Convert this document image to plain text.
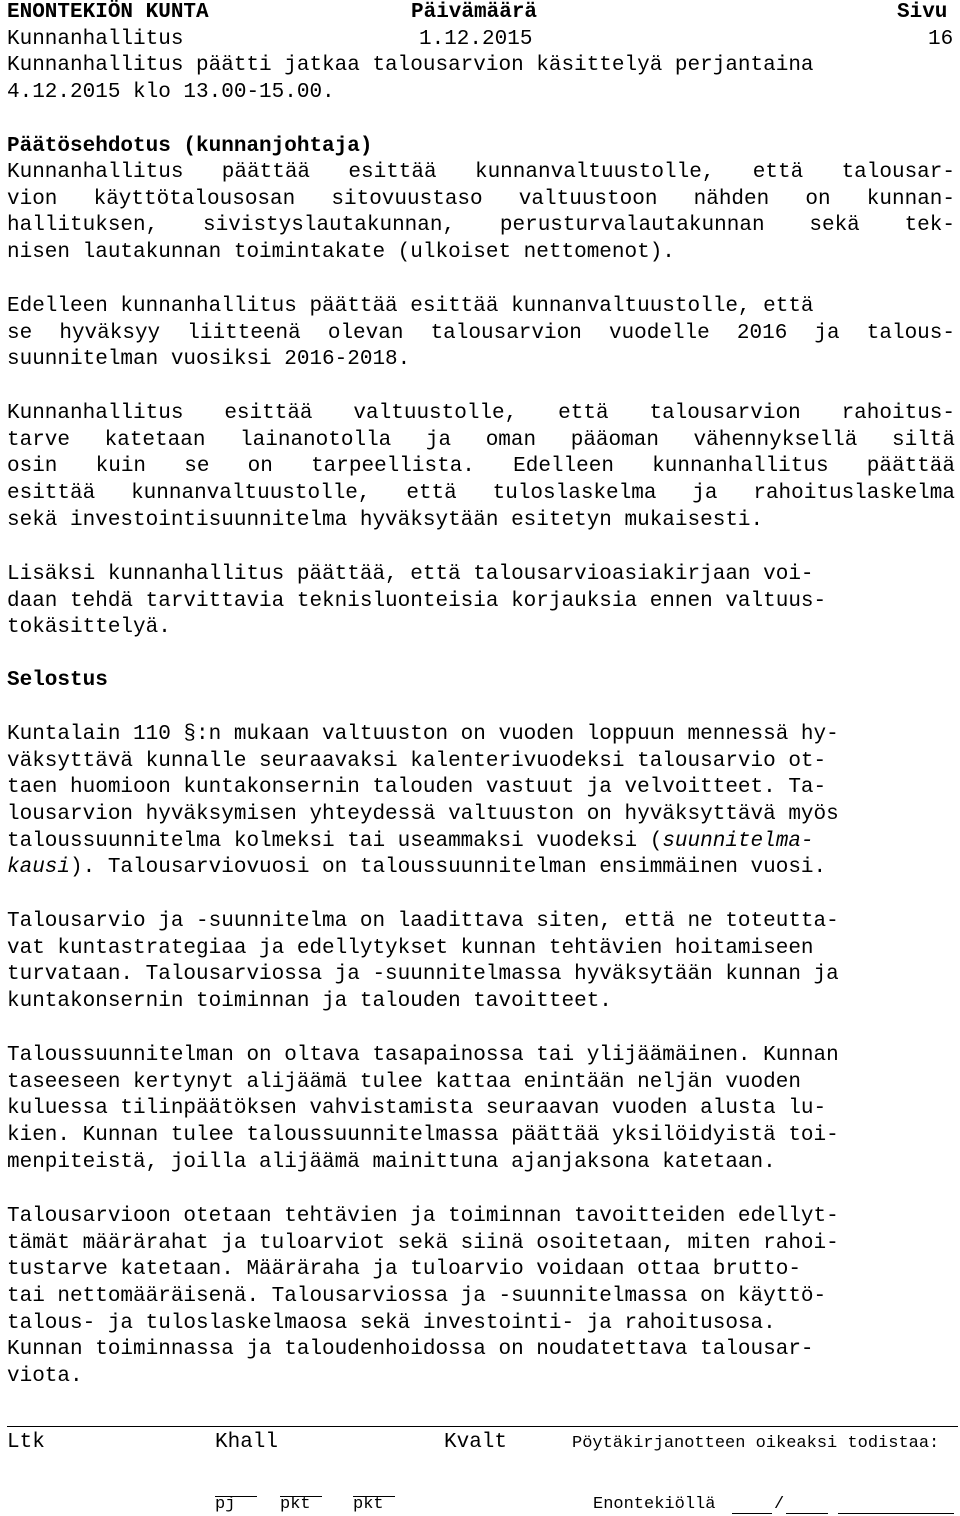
ENONTEKIÖN KUNTA	Päivämäärä	Sivu
Kunnanhallitus	1.12.2015	16
Kunnanhallitus päätti jatkaa talousarvion käsittelyä perjantaina
4.12.2015 klo 13.00-15.00.
Päätösehdotus (kunnanjohtaja)
Kunnanhallitus päättää esittää kunnanvaltuustolle, että talousar-
vion käyttötalousosan sitovuustaso valtuustoon nähden on kunnan-
hallituksen, sivistyslautakunnan, perusturvalautakunnan sekä tek-
nisen lautakunnan toimintakate (ulkoiset nettomenot).
Edelleen kunnanhallitus päättää esittää kunnanvaltuustolle, että
se hyväksyy liitteenä olevan talousarvion vuodelle 2016 ja talous-
suunnitelman vuosiksi 2016-2018.
Kunnanhallitus esittää valtuustolle, että talousarvion rahoitus-
tarve katetaan lainanotolla ja oman pääoman vähennyksellä siltä
osin kuin se on tarpeellista. Edelleen kunnanhallitus päättää
esittää kunnanvaltuustolle, että tuloslaskelma ja rahoituslaskelma
sekä investointisuunnitelma hyväksytään esitetyn mukaisesti.
Lisäksi kunnanhallitus päättää, että talousarvioasiakirjaan voi-
daan tehdä tarvittavia teknisluonteisia korjauksia ennen valtuus-
tokäsittelyä.
Selostus
Kuntalain 110 §:n mukaan valtuuston on vuoden loppuun mennessä hy-
väksyttävä kunnalle seuraavaksi kalenterivuodeksi talousarvio ot-
taen huomioon kuntakonsernin talouden vastuut ja velvoitteet. Ta-
lousarvion hyväksymisen yhteydessä valtuuston on hyväksyttävä myös
taloussuunnitelma kolmeksi tai useammaksi vuodeksi (suunnitelma-
kausi). Talousarviovuosi on taloussuunnitelman ensimmäinen vuosi.
Talousarvio ja -suunnitelma on laadittava siten, että ne toteutta-
vat kuntastrategiaa ja edellytykset kunnan tehtävien hoitamiseen
turvataan. Talousarviossa ja -suunnitelmassa hyväksytään kunnan ja
kuntakonsernin toiminnan ja talouden tavoitteet.
Taloussuunnitelman on oltava tasapainossa tai ylijäämäinen. Kunnan
taseeseen kertynyt alijäämä tulee kattaa enintään neljän vuoden
kuluessa tilinpäätöksen vahvistamista seuraavan vuoden alusta lu-
kien. Kunnan tulee taloussuunnitelmassa päättää yksilöidyistä toi-
menpiteistä, joilla alijäämä mainittuna ajanjaksona katetaan.
Talousarvioon otetaan tehtävien ja toiminnan tavoitteiden edellyt-
tämät määrärahat ja tuloarviot sekä siinä osoitetaan, miten rahoi-
tustarve katetaan. Määräraha ja tuloarvio voidaan ottaa brutto-
tai nettomääräisenä. Talousarviossa ja -suunnitelmassa on käyttö-
talous- ja tuloslaskelmaosa sekä investointi- ja rahoitusosa.
Kunnan toiminnassa ja taloudenhoidossa on noudatettava talousar-
viota.
Ltk	Khall	Kvalt	Pöytäkirjanotteen oikeaksi todistaa:
pj	pkt pkt	Enontekiöllä	/
